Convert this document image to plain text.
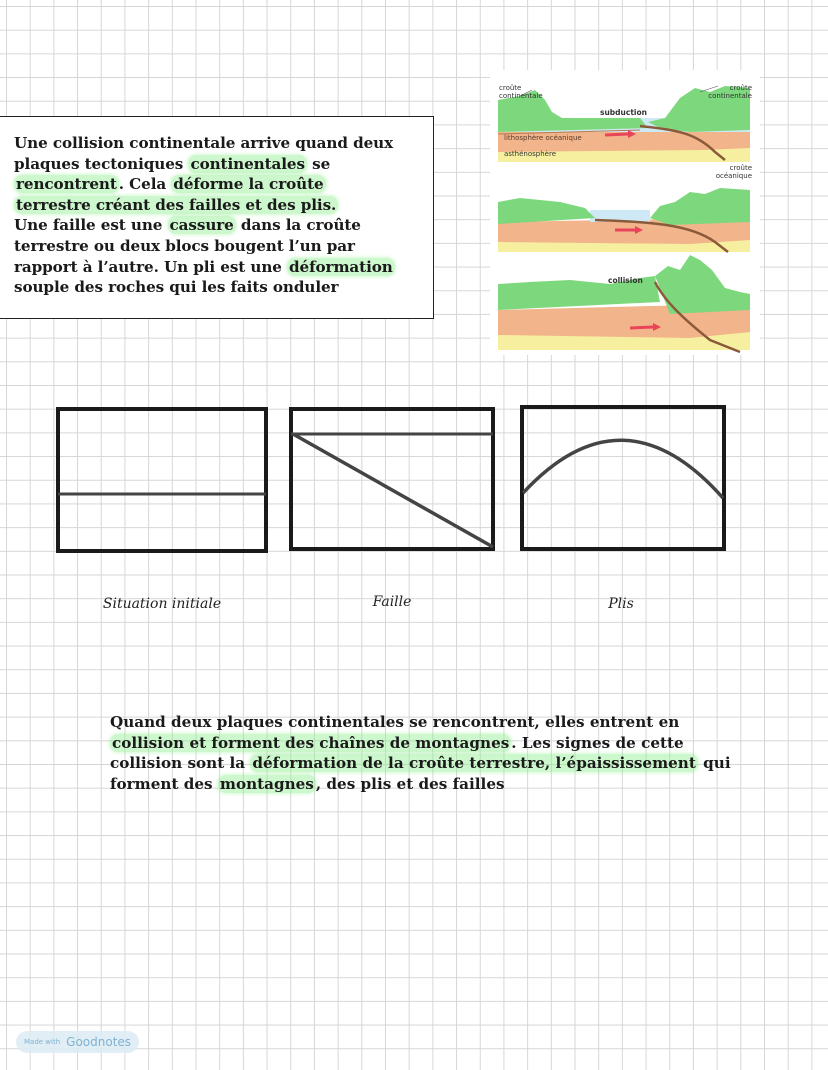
Une collision continentale arrive quand deux

plaques tectoniques continentales se

rencontrent . Cela déforme la croûte

terrestre créant des failles et des plis.

Une faille est une cassure dans la croûte

terrestre ou deux blocs bougent l’un par

rapport à l’autre. Un pli est une déformation

souple des roches qui les faits onduler

croûte
continentale
croûte
continentale
subduction
lithosphère océanique
asthénosphère
croûte
océanique
collision
Situation initiale	Faille	Plis

Quand deux plaques continentales se rencontrent, elles entrent en

collision et forment des chaînes de montagnes . Les signes de cette

collision sont la déformation de la croûte terrestre, l’épaississement qui

forment des montagnes , des plis et des failles

Made with Goodnotes
